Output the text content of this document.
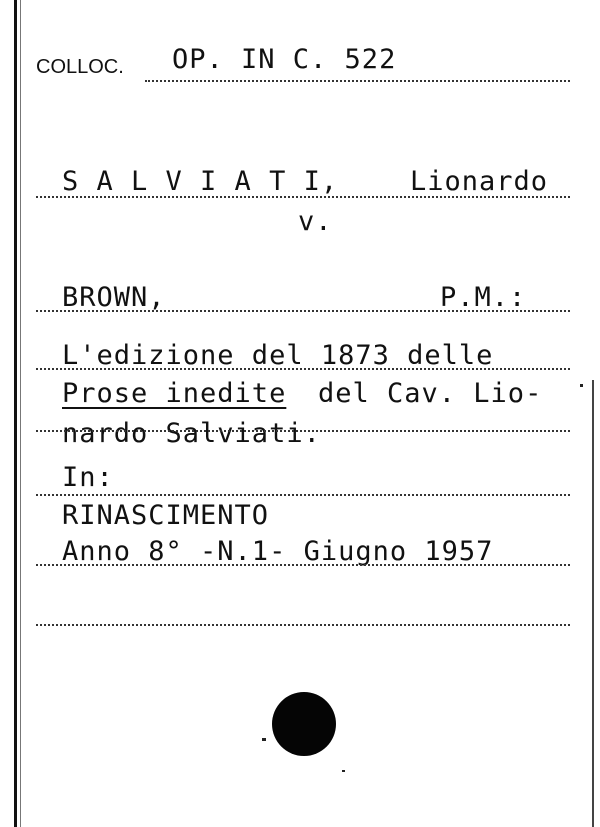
COLLOC. OP. IN C. 522
S A L V I A T I,	Lionardo
v.
BROWN,	P.M.:
L'edizione del 1873 delle
Prose inedite del Cav. Lio-
nardo Salviati.
In:
RINASCIMENTO
Anno 8° -N.1- Giugno 1957
